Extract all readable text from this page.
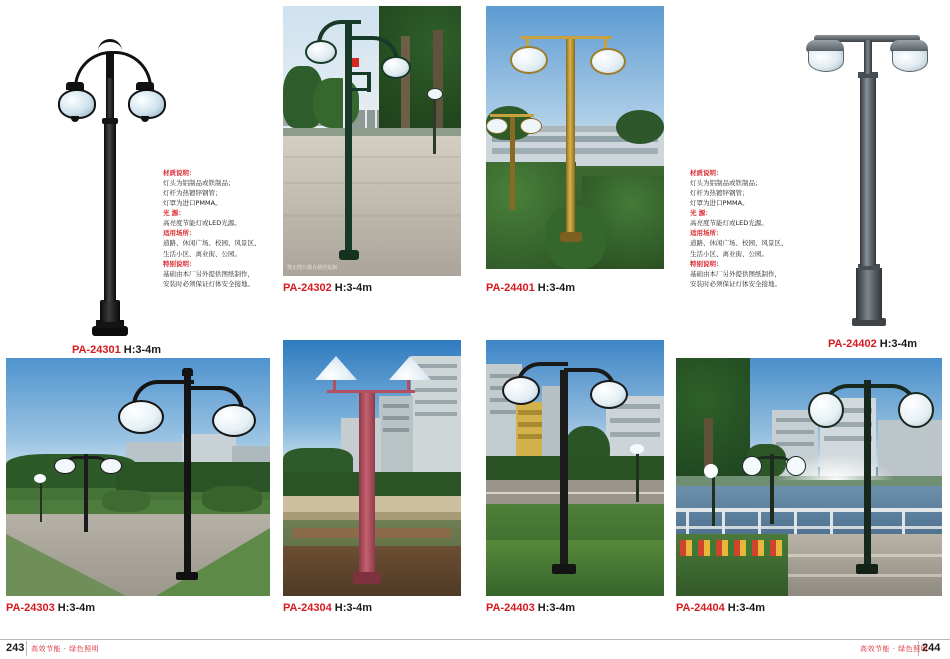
PA-24301 H:3-4m

材质说明：

灯头为铝制品或铁制品；

灯杆为热镀锌钢管；

灯罩为进口PMMA。

光 源：

高亮度节能灯或LED光源。

适用场所：

道路、休闲广场、校园、风景区、

生活小区、离业街、公园。

特别说明：

基础由本厂另外提供图纸制作，

安装时必须保证灯体安全接地。

禁止图片擅自使用复制
PA-24302 H:3-4m	PA-24401 H:3-4m

材质说明：

灯头为铝制品或铁制品；

灯杆为热镀锌钢管；

灯罩为进口PMMA。

光 源：

高亮度节能灯或LED光源。

适用场所：

道路、休闲广场、校园、风景区、

生活小区、离业街、公园。

特别说明：

基础由本厂另外提供图纸制作，

安装时必须保证灯体安全接地。

PA-24402 H:3-4m
PA-24303 H:3-4m	PA-24304 H:3-4m	PA-24403 H:3-4m	PA-24404 H:3-4m
243 高效节能 · 绿色照明	244
高效节能 · 绿色照明
